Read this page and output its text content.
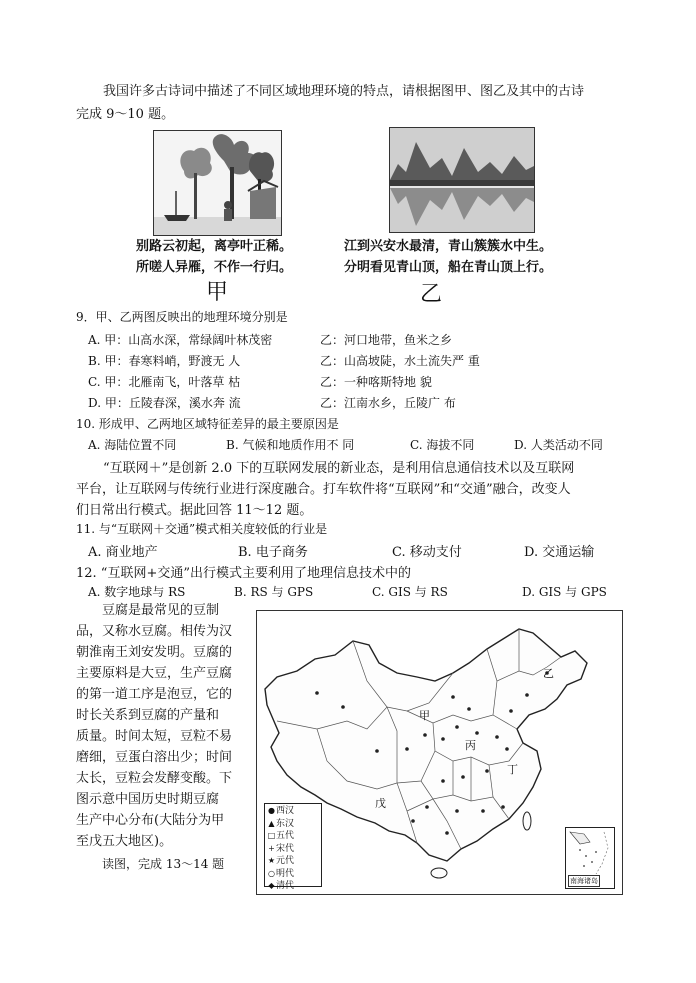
我国许多古诗词中描述了不同区域地理环境的特点，请根据图甲、图乙及其中的古诗
完成 9～10 题。
别路云初起，离亭叶正稀。
所嗟人异雁，不作一行归。
甲
江到兴安水最清，青山簇簇水中生。
分明看见青山顶，船在青山顶上行。
乙
9．甲、乙两图反映出的地理环境分别是
A. 甲：山高水深，常绿阔叶林茂密	乙：河口地带，鱼米之乡
B. 甲：春寒料峭，野渡无 人	乙：山高坡陡，水土流失严 重
C. 甲：北雁南飞，叶落草 枯	乙：一种喀斯特地 貌
D. 甲：丘陵春深，溪水奔 流	乙：江南水乡，丘陵广 布
10. 形成甲、乙两地区域特征差异的最主要原因是
A. 海陆位置不同	B. 气候和地质作用不 同	C. 海拔不同	D. 人类活动不同
“互联网＋”是创新 2.0 下的互联网发展的新业态，是利用信息通信技术以及互联网
平台，让互联网与传统行业进行深度融合。打车软件将“互联网”和“交通”融合，改变人
们日常出行模式。据此回答 11～12 题。
11. 与“互联网＋交通”模式相关度较低的行业是
A. 商业地产	B. 电子商务	C. 移动支付	D. 交通运输
12. “互联网+交通”出行模式主要利用了地理信息技术中的
A. 数字地球与 RS	B. RS 与 GPS	C. GIS 与 RS	D. GIS 与 GPS
豆腐是最常见的豆制
品，又称水豆腐。相传为汉
朝淮南王刘安发明。豆腐的
主要原料是大豆，生产豆腐
的第一道工序是泡豆，它的
时长关系到豆腐的产量和
质量。时间太短，豆粒不易
磨细，豆蛋白溶出少；时间
太长，豆粒会发酵变酸。下
图示意中国历史时期豆腐
生产中心分布(大陆分为甲
至戊五大地区)。
读图，完成 13～14 题
甲
乙
丙
丁
戊
●西汉
▲东汉
□五代
+宋代
★元代
○明代
◆清代	南海诸岛
